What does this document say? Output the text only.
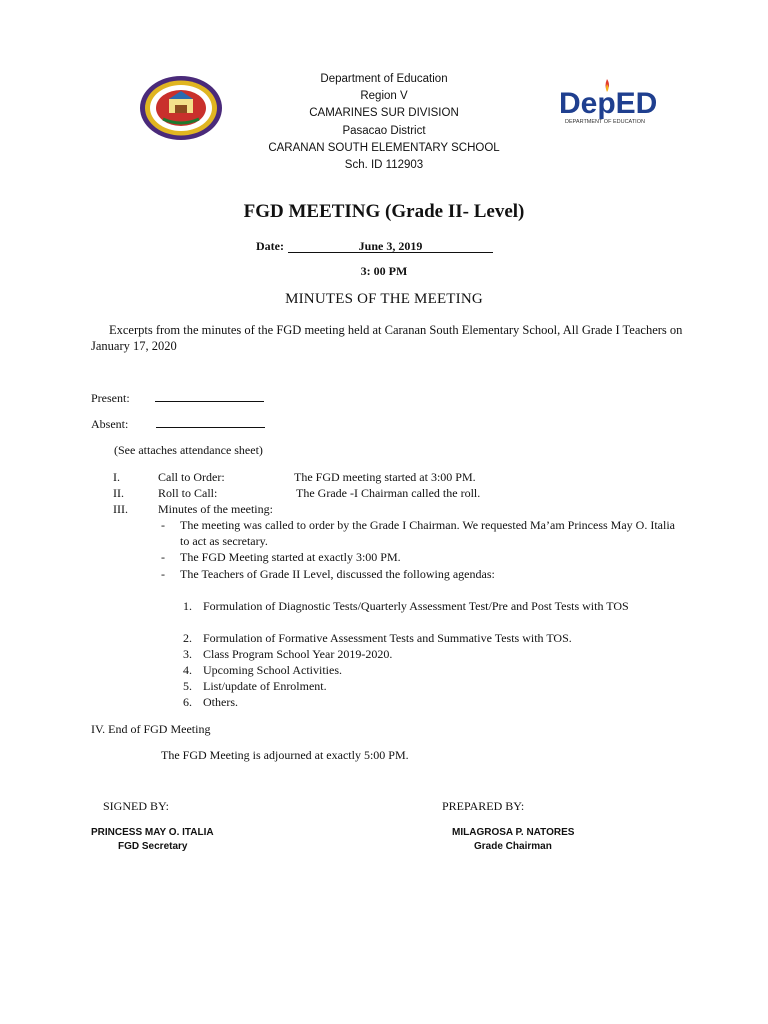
DepED
DEPARTMENT OF EDUCATION
Department of Education
Region V
CAMARINES SUR DIVISION
Pasacao District
CARANAN SOUTH ELEMENTARY SCHOOL
Sch. ID 112903
FGD MEETING (Grade II- Level)
Date:	June 3, 2019
3: 00 PM
MINUTES OF THE MEETING
Excerpts from the minutes of the FGD meeting held at Caranan South Elementary School, All Grade I Teachers on January 17, 2020
Present:
Absent:
(See attaches attendance sheet)
I.	Call to Order:	The FGD meeting started at 3:00 PM.
II.	Roll to Call:	The Grade -I Chairman called the roll.
III.	Minutes of the meeting:
- The meeting was called to order by the Grade I Chairman. We requested Ma’am Princess May O. Italia to act as secretary.
- The FGD Meeting started at exactly 3:00 PM.
- The Teachers of Grade II Level, discussed the following agendas:
1. Formulation of Diagnostic Tests/Quarterly Assessment Test/Pre and Post Tests with TOS
2. Formulation of Formative Assessment Tests and Summative Tests with TOS.
3. Class Program School Year 2019-2020.
4. Upcoming School Activities.
5. List/update of Enrolment.
6. Others.
IV. End of FGD Meeting
The FGD Meeting is adjourned at exactly 5:00 PM.
SIGNED BY:	PREPARED BY:
PRINCESS MAY O. ITALIA
FGD Secretary
MILAGROSA P. NATORES
Grade Chairman
